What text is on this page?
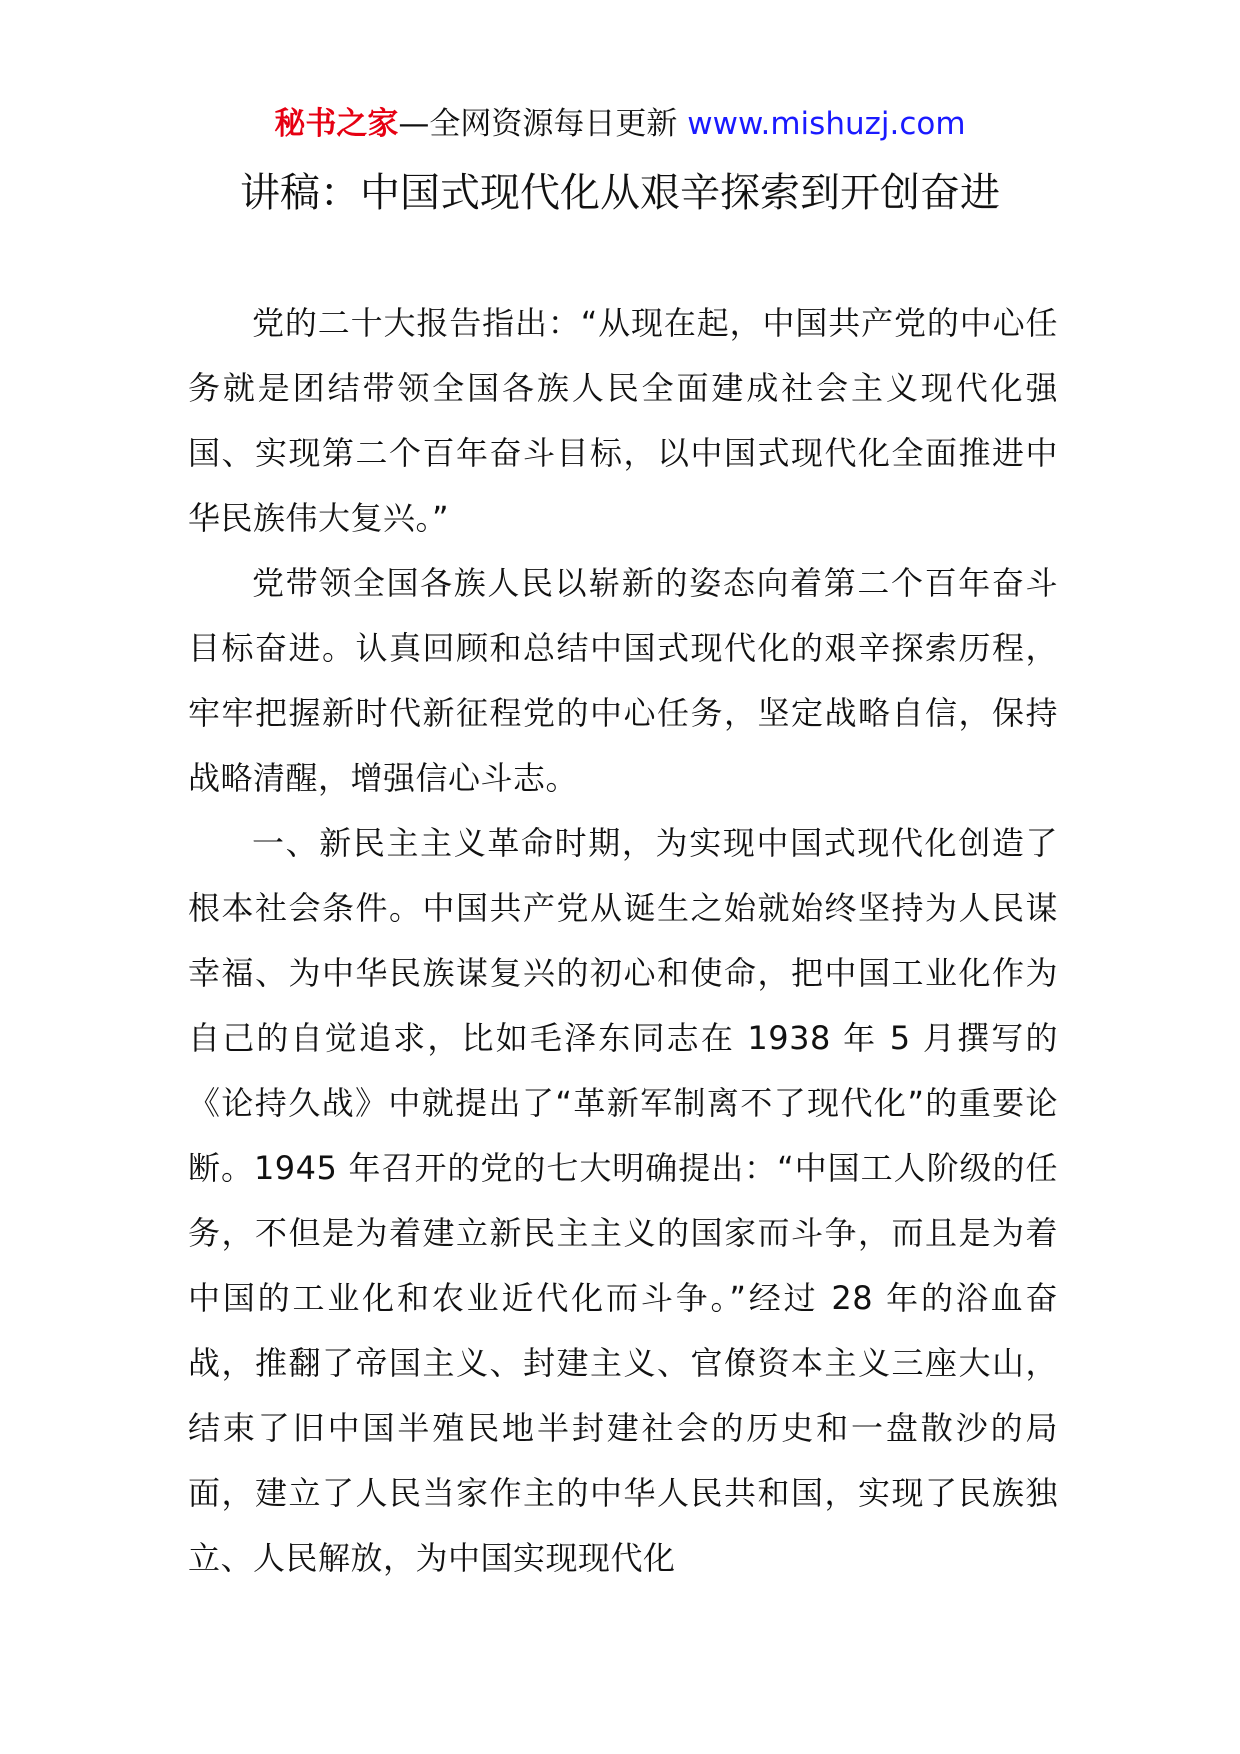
秘书之家—全网资源每日更新 www.mishuzj.com
讲稿：中国式现代化从艰辛探索到开创奋进

党的二十大报告指出：“从现在起，中国共产党的中心任务就是团结带领全国各族人民全面建成社会主义现代化强国、实现第二个百年奋斗目标，以中国式现代化全面推进中华民族伟大复兴。”

党带领全国各族人民以崭新的姿态向着第二个百年奋斗目标奋进。认真回顾和总结中国式现代化的艰辛探索历程，牢牢把握新时代新征程党的中心任务，坚定战略自信，保持战略清醒，增强信心斗志。

一、新民主主义革命时期，为实现中国式现代化创造了根本社会条件。中国共产党从诞生之始就始终坚持为人民谋幸福、为中华民族谋复兴的初心和使命，把中国工业化作为自己的自觉追求，比如毛泽东同志在 1938 年 5 月撰写的《论持久战》中就提出了“革新军制离不了现代化”的重要论断。1945 年召开的党的七大明确提出：“中国工人阶级的任务，不但是为着建立新民主主义的国家而斗争，而且是为着中国的工业化和农业近代化而斗争。”经过 28 年的浴血奋战，推翻了帝国主义、封建主义、官僚资本主义三座大山，结束了旧中国半殖民地半封建社会的历史和一盘散沙的局面，建立了人民当家作主的中华人民共和国，实现了民族独立、人民解放，为中国实现现代化
